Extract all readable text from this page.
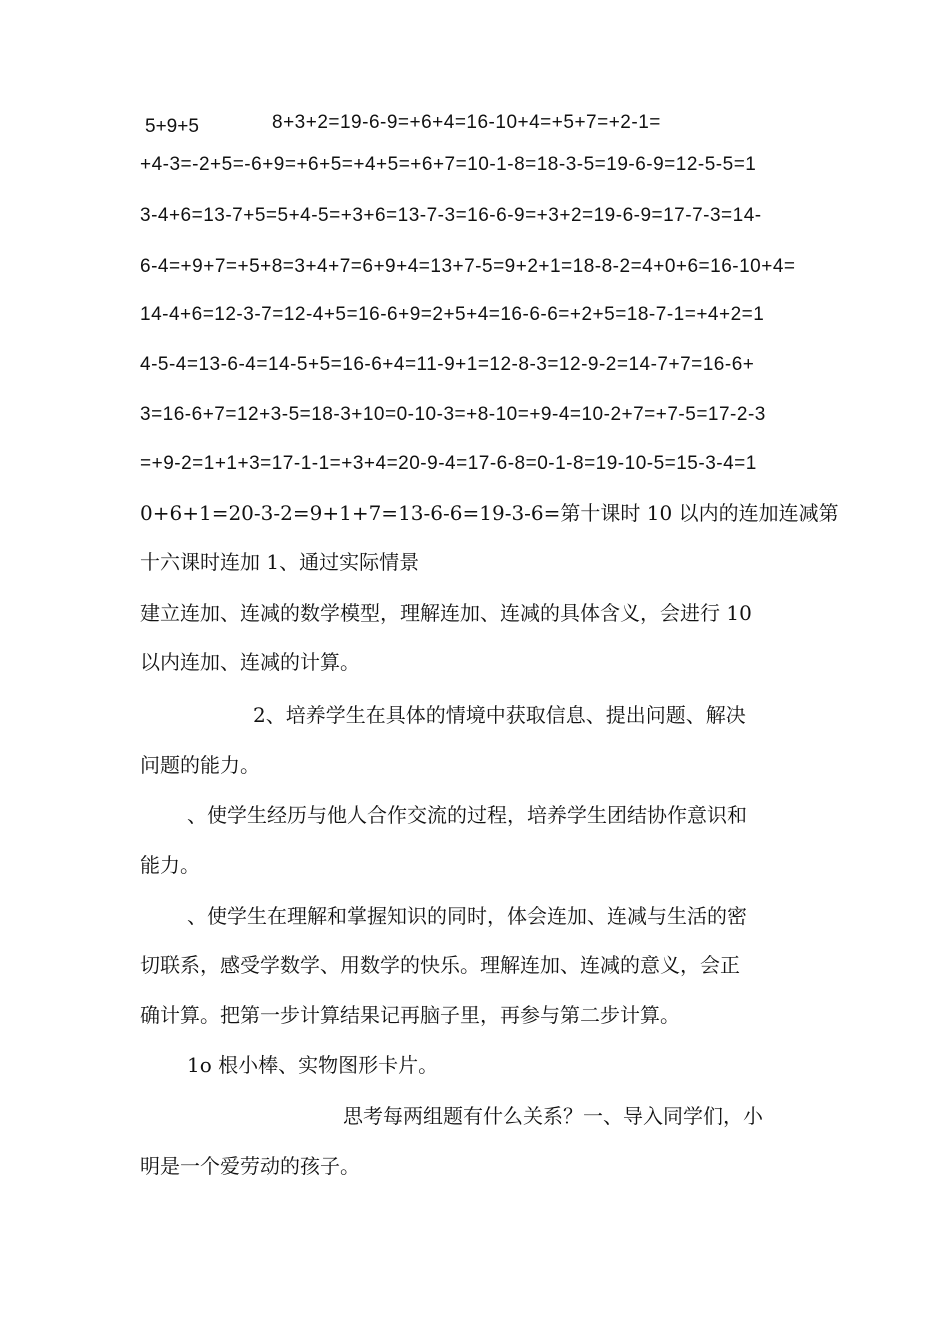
5+9+5	8+3+2=19-6-9=+6+4=16-10+4=+5+7=+2-1=
+4-3=-2+5=-6+9=+6+5=+4+5=+6+7=10-1-8=18-3-5=19-6-9=12-5-5=1
3-4+6=13-7+5=5+4-5=+3+6=13-7-3=16-6-9=+3+2=19-6-9=17-7-3=14-
6-4=+9+7=+5+8=3+4+7=6+9+4=13+7-5=9+2+1=18-8-2=4+0+6=16-10+4=
14-4+6=12-3-7=12-4+5=16-6+9=2+5+4=16-6-6=+2+5=18-7-1=+4+2=1
4-5-4=13-6-4=14-5+5=16-6+4=11-9+1=12-8-3=12-9-2=14-7+7=16-6+
3=16-6+7=12+3-5=18-3+10=0-10-3=+8-10=+9-4=10-2+7=+7-5=17-2-3
=+9-2=1+1+3=17-1-1=+3+4=20-9-4=17-6-8=0-1-8=19-10-5=15-3-4=1
0+6+1=20-3-2=9+1+7=13-6-6=19-3-6=第十课时 10 以内的连加连减第
十六课时连加 1、通过实际情景
建立连加、连减的数学模型，理解连加、连减的具体含义，会进行 10
以内连加、连减的计算。
2、培养学生在具体的情境中获取信息、提出问题、解决
问题的能力。
、使学生经历与他人合作交流的过程，培养学生团结协作意识和
能力。
、使学生在理解和掌握知识的同时，体会连加、连减与生活的密
切联系，感受学数学、用数学的快乐。理解连加、连减的意义，会正
确计算。把第一步计算结果记再脑子里，再参与第二步计算。
1o 根小棒、实物图形卡片。
思考每两组题有什么关系？一、导入同学们，小
明是一个爱劳动的孩子。
